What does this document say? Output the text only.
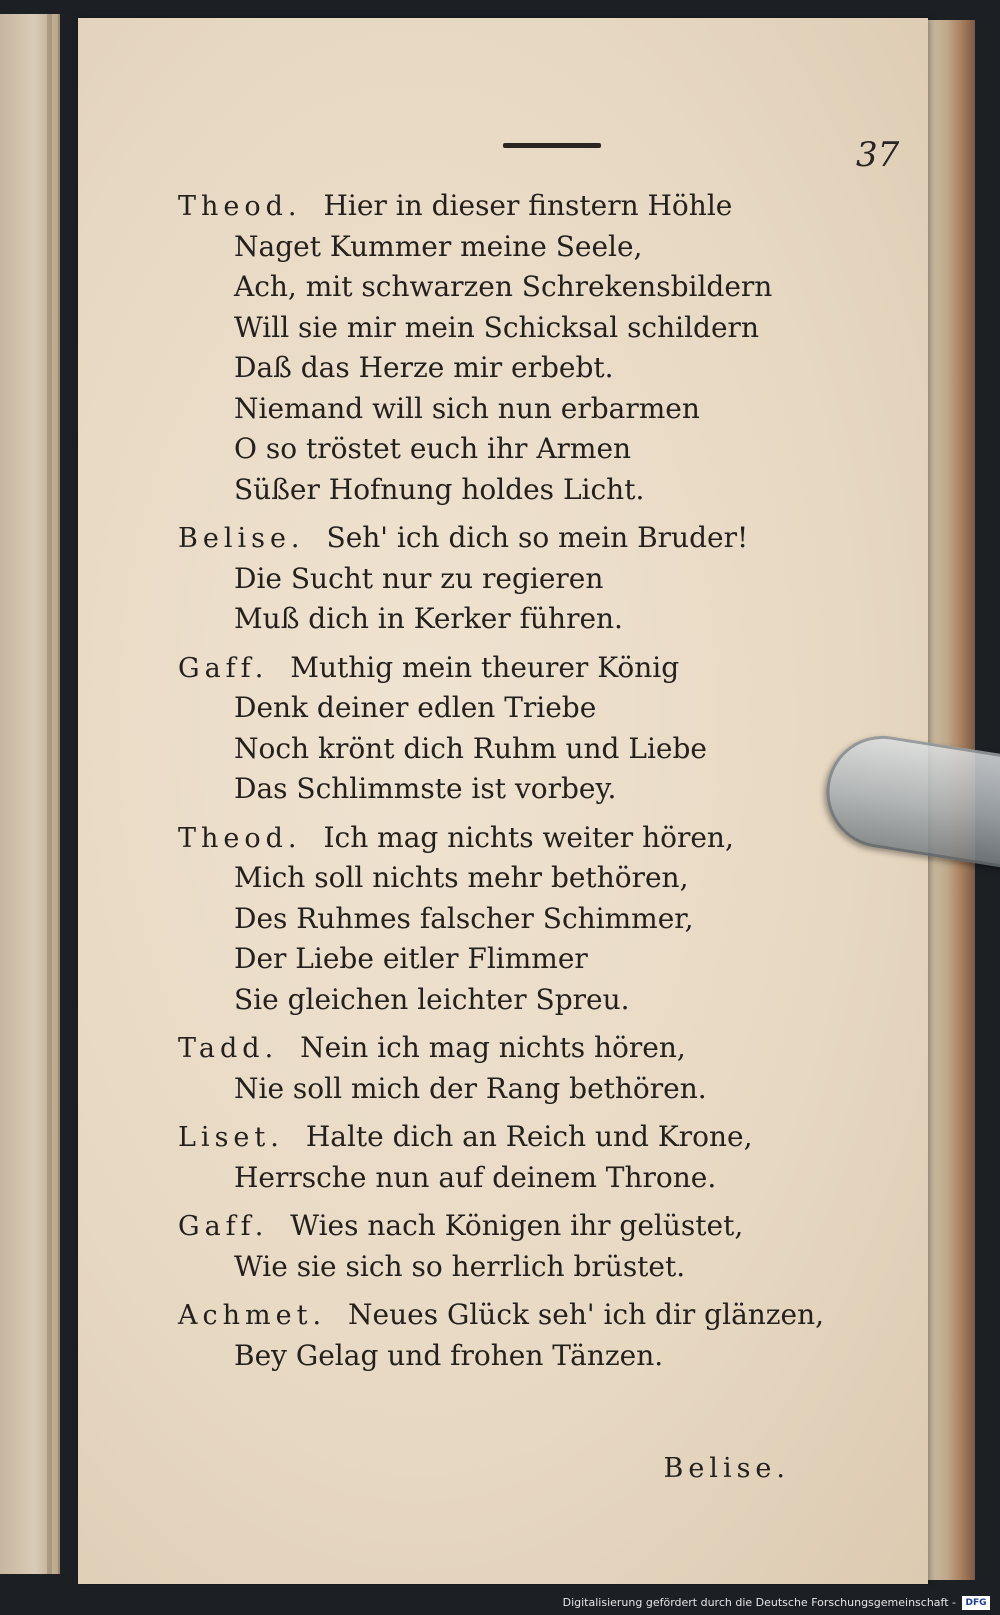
37
Theod. Hier in dieser finstern Höhle
Naget Kummer meine Seele,
Ach, mit schwarzen Schrekensbildern
Will sie mir mein Schicksal schildern
Daß das Herze mir erbebt.
Niemand will sich nun erbarmen
O so tröstet euch ihr Armen
Süßer Hofnung holdes Licht.
Belise. Seh' ich dich so mein Bruder!
Die Sucht nur zu regieren
Muß dich in Kerker führen.
Gaff. Muthig mein theurer König
Denk deiner edlen Triebe
Noch krönt dich Ruhm und Liebe
Das Schlimmste ist vorbey.
Theod. Ich mag nichts weiter hören,
Mich soll nichts mehr bethören,
Des Ruhmes falscher Schimmer,
Der Liebe eitler Flimmer
Sie gleichen leichter Spreu.
Tadd. Nein ich mag nichts hören,
Nie soll mich der Rang bethören.
Liset. Halte dich an Reich und Krone,
Herrsche nun auf deinem Throne.
Gaff. Wies nach Königen ihr gelüstet,
Wie sie sich so herrlich brüstet.
Achmet. Neues Glück seh' ich dir glänzen,
Bey Gelag und frohen Tänzen.
Belise.
Digitalisierung gefördert durch die Deutsche Forschungsgemeinschaft -	DFG
